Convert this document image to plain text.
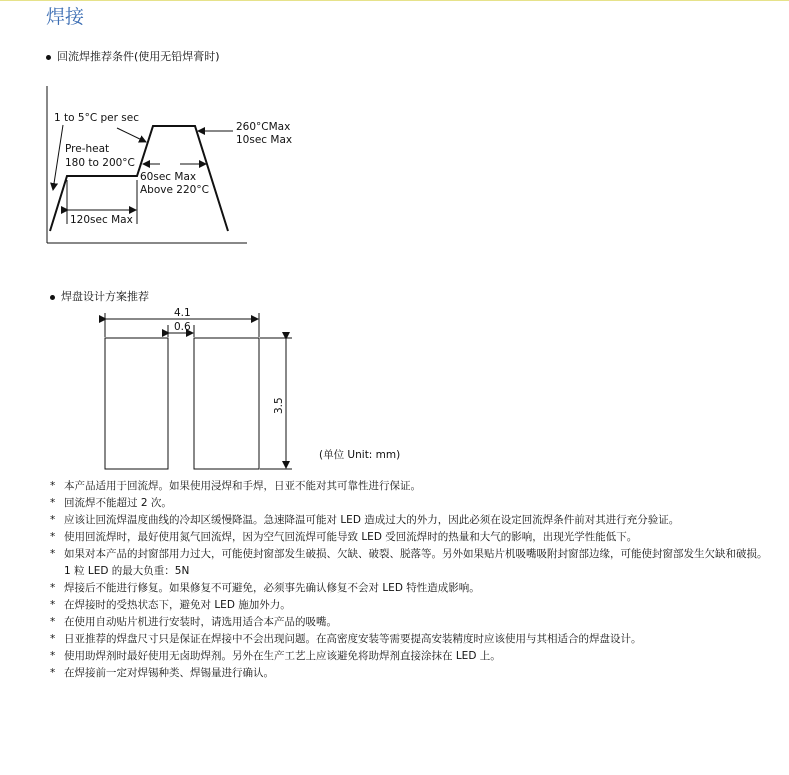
焊接
回流焊推荐条件(使用无铅焊膏时)
1 to 5°C per sec
Pre-heat
180 to 200°C
260°CMax
10sec Max
60sec Max
Above 220°C
120sec Max
4.1
0.6
3.5
(单位 Unit: mm)
焊盘设计方案推荐
* 本产品适用于回流焊。如果使用浸焊和手焊，日亚不能对其可靠性进行保证。
* 回流焊不能超过 2 次。
* 应该让回流焊温度曲线的冷却区缓慢降温。急速降温可能对 LED 造成过大的外力，因此必须在设定回流焊条件前对其进行充分验证。
* 使用回流焊时，最好使用氮气回流焊，因为空气回流焊可能导致 LED 受回流焊时的热量和大气的影响，出现光学性能低下。
* 如果对本产品的封窗部用力过大，可能使封窗部发生破损、欠缺、破裂、脱落等。另外如果贴片机吸嘴吸附封窗部边缘，可能使封窗部发生欠缺和破损。
1 粒 LED 的最大负重：5N
* 焊接后不能进行修复。如果修复不可避免，必须事先确认修复不会对 LED 特性造成影响。
* 在焊接时的受热状态下，避免对 LED 施加外力。
* 在使用自动贴片机进行安装时，请选用适合本产品的吸嘴。
* 日亚推荐的焊盘尺寸只是保证在焊接中不会出现问题。在高密度安装等需要提高安装精度时应该使用与其相适合的焊盘设计。
* 使用助焊剂时最好使用无卤助焊剂。另外在生产工艺上应该避免将助焊剂直接涂抹在 LED 上。
* 在焊接前一定对焊锡种类、焊锡量进行确认。
